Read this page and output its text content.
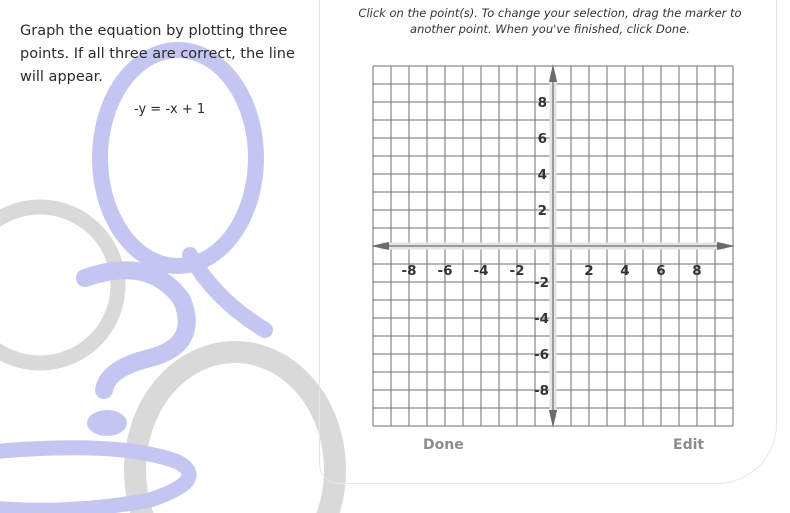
Graph the equation by plotting three points. If all three are correct, the line will appear.

-y = -x + 1

Click on the point(s). To change your selection, drag the marker to another point. When you've finished, click Done.

-8 -6 -4 -2	2 4 6 8
8
6
4
2
-2
-4
-6
-8
Done	Edit
